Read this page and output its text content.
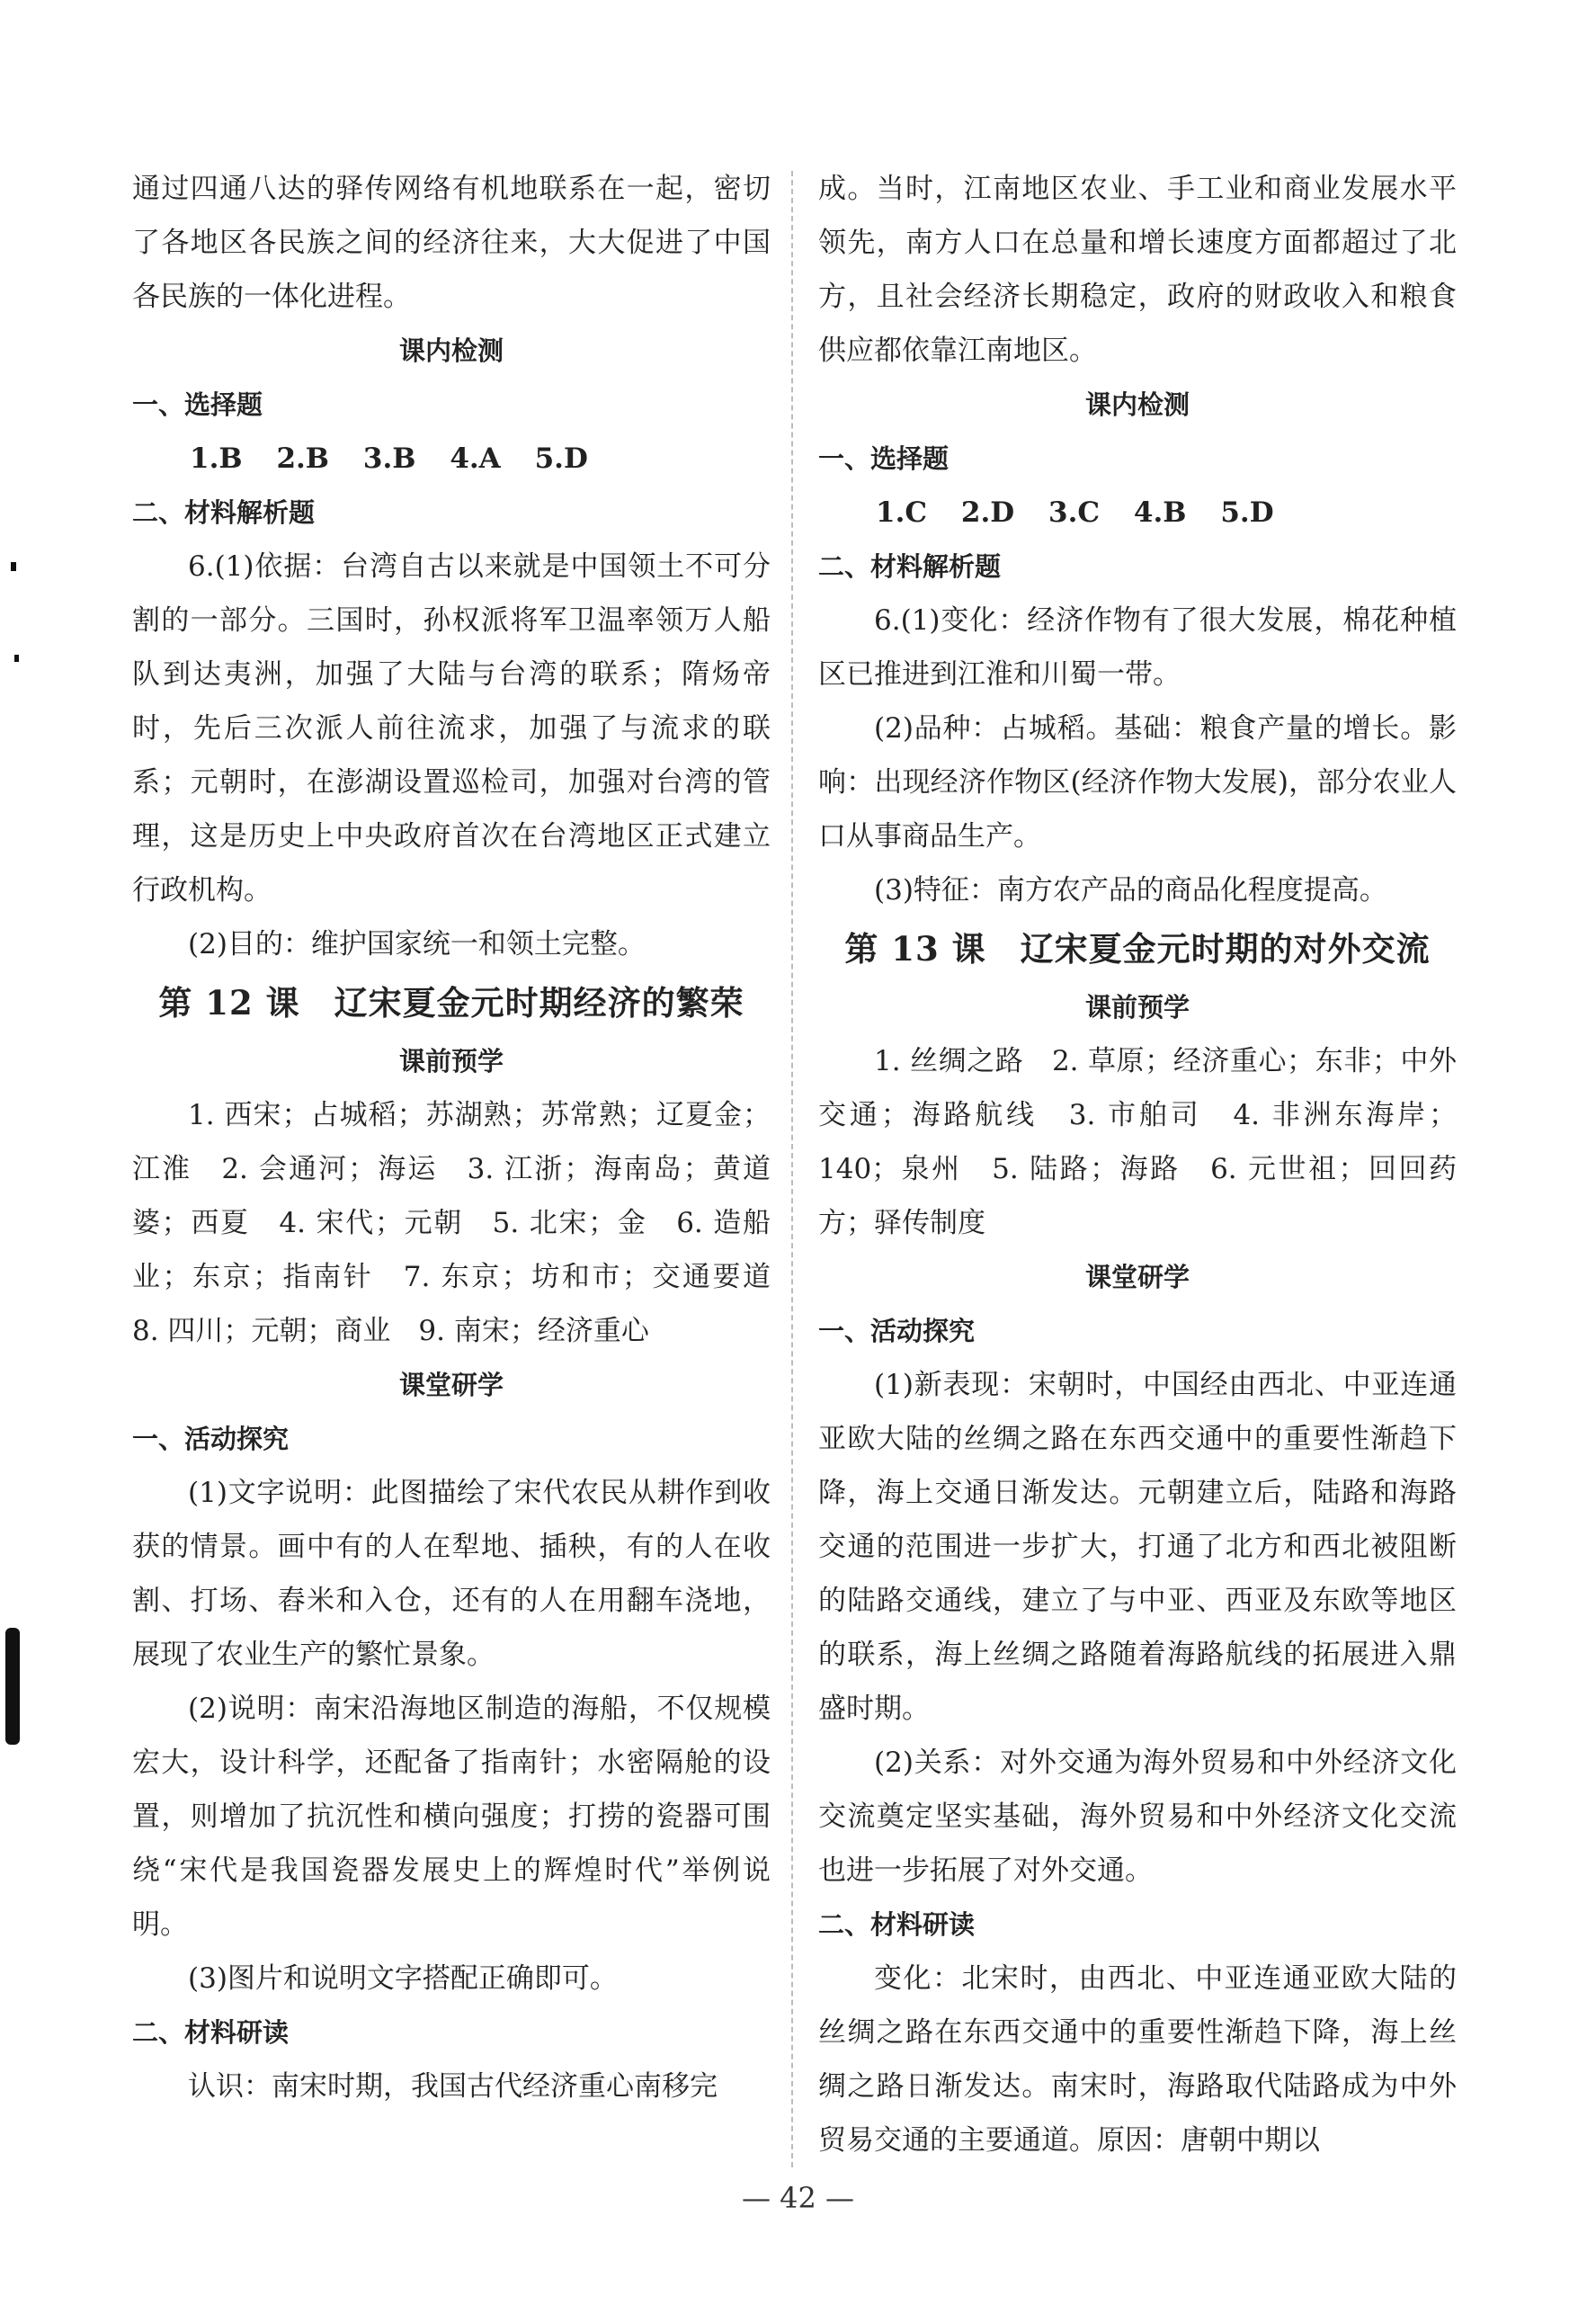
通过四通八达的驿传网络有机地联系在一起，密切了各地区各民族之间的经济往来，大大促进了中国各民族的一体化进程。

课内检测

一、选择题

1.B 2.B 3.B 4.A 5.D

二、材料解析题

6.(1)依据：台湾自古以来就是中国领土不可分割的一部分。三国时，孙权派将军卫温率领万人船队到达夷洲，加强了大陆与台湾的联系；隋炀帝时，先后三次派人前往流求，加强了与流求的联系；元朝时，在澎湖设置巡检司，加强对台湾的管理，这是历史上中央政府首次在台湾地区正式建立行政机构。

(2)目的：维护国家统一和领土完整。

第 12 课　辽宋夏金元时期经济的繁荣

课前预学

1. 西宋；占城稻；苏湖熟；苏常熟；辽夏金；江淮　2. 会通河；海运　3. 江浙；海南岛；黄道婆；西夏　4. 宋代；元朝　5. 北宋；金　6. 造船业；东京；指南针　7. 东京；坊和市；交通要道　8. 四川；元朝；商业　9. 南宋；经济重心

课堂研学

一、活动探究

(1)文字说明：此图描绘了宋代农民从耕作到收获的情景。画中有的人在犁地、插秧，有的人在收割、打场、舂米和入仓，还有的人在用翻车浇地，展现了农业生产的繁忙景象。

(2)说明：南宋沿海地区制造的海船，不仅规模宏大，设计科学，还配备了指南针；水密隔舱的设置，则增加了抗沉性和横向强度；打捞的瓷器可围绕“宋代是我国瓷器发展史上的辉煌时代”举例说明。

(3)图片和说明文字搭配正确即可。

二、材料研读

认识：南宋时期，我国古代经济重心南移完

成。当时，江南地区农业、手工业和商业发展水平领先，南方人口在总量和增长速度方面都超过了北方，且社会经济长期稳定，政府的财政收入和粮食供应都依靠江南地区。

课内检测

一、选择题

1.C 2.D 3.C 4.B 5.D

二、材料解析题

6.(1)变化：经济作物有了很大发展，棉花种植区已推进到江淮和川蜀一带。

(2)品种：占城稻。基础：粮食产量的增长。影响：出现经济作物区(经济作物大发展)，部分农业人口从事商品生产。

(3)特征：南方农产品的商品化程度提高。

第 13 课　辽宋夏金元时期的对外交流

课前预学

1. 丝绸之路　2. 草原；经济重心；东非；中外交通；海路航线　3. 市舶司　4. 非洲东海岸；140；泉州　5. 陆路；海路　6. 元世祖；回回药方；驿传制度

课堂研学

一、活动探究

(1)新表现：宋朝时，中国经由西北、中亚连通亚欧大陆的丝绸之路在东西交通中的重要性渐趋下降，海上交通日渐发达。元朝建立后，陆路和海路交通的范围进一步扩大，打通了北方和西北被阻断的陆路交通线，建立了与中亚、西亚及东欧等地区的联系，海上丝绸之路随着海路航线的拓展进入鼎盛时期。

(2)关系：对外交通为海外贸易和中外经济文化交流奠定坚实基础，海外贸易和中外经济文化交流也进一步拓展了对外交通。

二、材料研读

变化：北宋时，由西北、中亚连通亚欧大陆的丝绸之路在东西交通中的重要性渐趋下降，海上丝绸之路日渐发达。南宋时，海路取代陆路成为中外贸易交通的主要通道。原因：唐朝中期以

— 42 —
